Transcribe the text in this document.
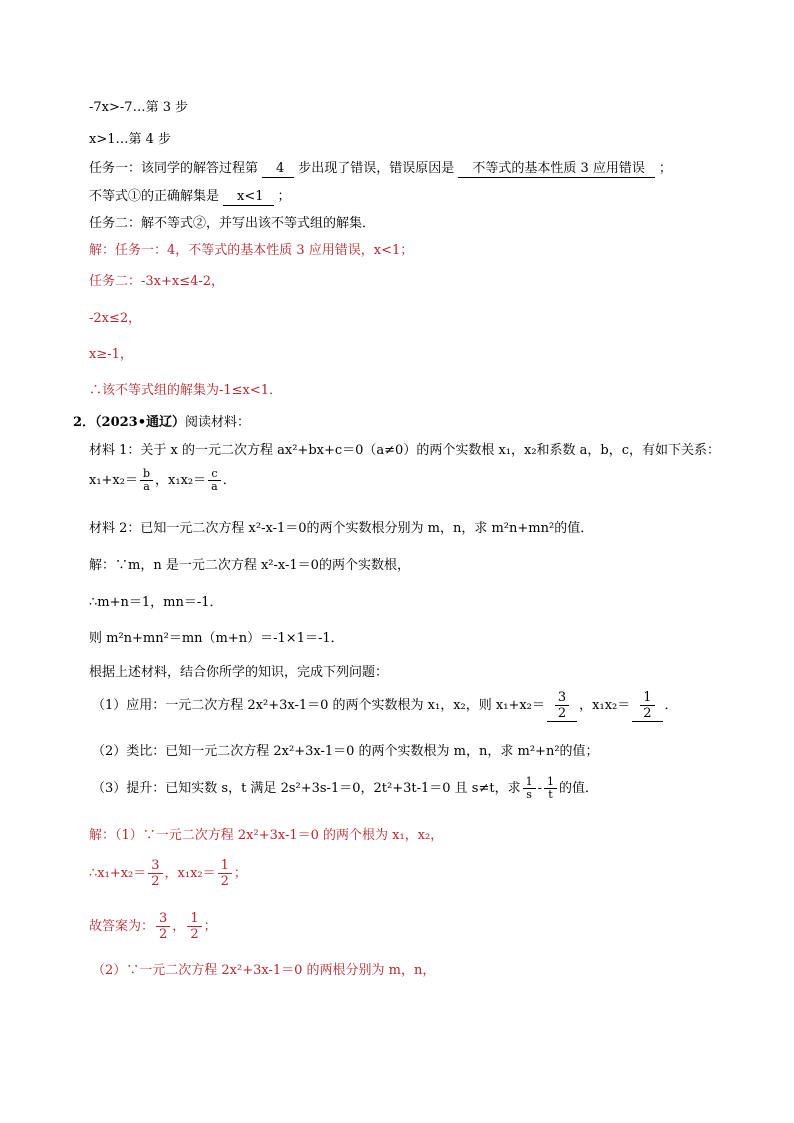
-7x>-7…第 3 步
x>1…第 4 步
任务一：该同学的解答过程第 4 步出现了错误，错误原因是 不等式的基本性质 3 应用错误 ；
不等式①的正确解集是 x<1 ；
任务二：解不等式②，并写出该不等式组的解集．
解：任务一：4，不等式的基本性质 3 应用错误，x<1；
任务二：-3x+x≤4-2，
-2x≤2，
x≥-1，
∴该不等式组的解集为-1≤x<1．
2．（2023•通辽）阅读材料：
材料 1：关于 x 的一元二次方程 ax²+bx+c＝0（a≠0）的两个实数根 x₁，x₂和系数 a，b，c，有如下关系：
$x_1+x_2= \frac{b}{a}$ ，$x_1x_2= \frac{c}{a}$ ．
材料 2：已知一元二次方程 x²-x-1＝0的两个实数根分别为 m，n，求 m²n+mn²的值．
解：∵m，n 是一元二次方程 x²-x-1＝0的两个实数根，
∴m+n＝1，mn＝-1．
则 m²n+mn²＝mn（m+n）＝-1×1＝-1．
根据上述材料，结合你所学的知识，完成下列问题：
（1）应用：一元二次方程 2x²+3x-1＝0 的两个实数根为 x₁，x₂，则 $x_1+x_2= \frac{3}{2}$ ，$x_1x_2= \frac{1}{2}$ ．
（2）类比：已知一元二次方程 2x²+3x-1＝0 的两个实数根为 m，n，求 m²+n²的值；
（3）提升：已知实数 s，t 满足 2s²+3s-1＝0，2t²+3t-1＝0 且 s≠t，求 $\frac{1}{s} - \frac{1}{t}$ 的值．
解：（1）∵一元二次方程 2x²+3x-1＝0 的两个根为 x₁，x₂，
∴x₁+x₂＝ $\frac{3}{2}$ ，$x_1x_2= \frac{1}{2}$ ；
故答案为： $\frac{3}{2}$ ， $\frac{1}{2}$ ；
（2）∵一元二次方程 2x²+3x-1＝0 的两根分别为 m，n，
